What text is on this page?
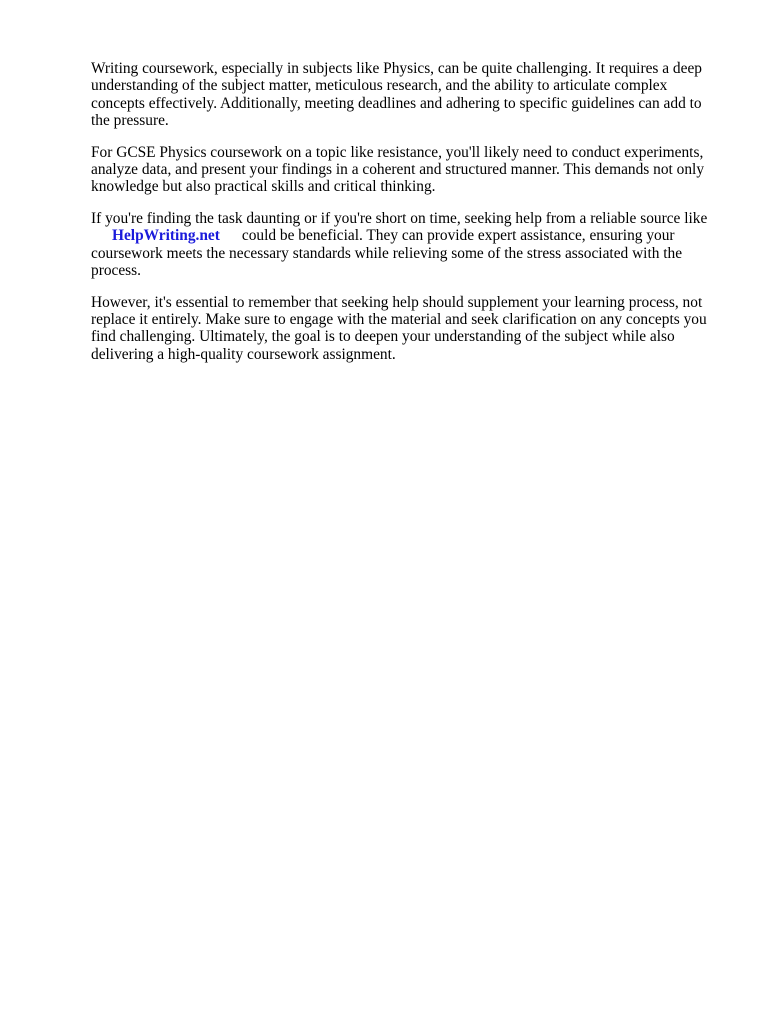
Writing coursework, especially in subjects like Physics, can be quite challenging. It requires a deep
understanding of the subject matter, meticulous research, and the ability to articulate complex
concepts effectively. Additionally, meeting deadlines and adhering to specific guidelines can add to
the pressure.

For GCSE Physics coursework on a topic like resistance, you'll likely need to conduct experiments,
analyze data, and present your findings in a coherent and structured manner. This demands not only
knowledge but also practical skills and critical thinking.

If you're finding the task daunting or if you're short on time, seeking help from a reliable source like
HelpWriting.net could be beneficial. They can provide expert assistance, ensuring your
coursework meets the necessary standards while relieving some of the stress associated with the
process.

However, it's essential to remember that seeking help should supplement your learning process, not
replace it entirely. Make sure to engage with the material and seek clarification on any concepts you
find challenging. Ultimately, the goal is to deepen your understanding of the subject while also
delivering a high-quality coursework assignment.
